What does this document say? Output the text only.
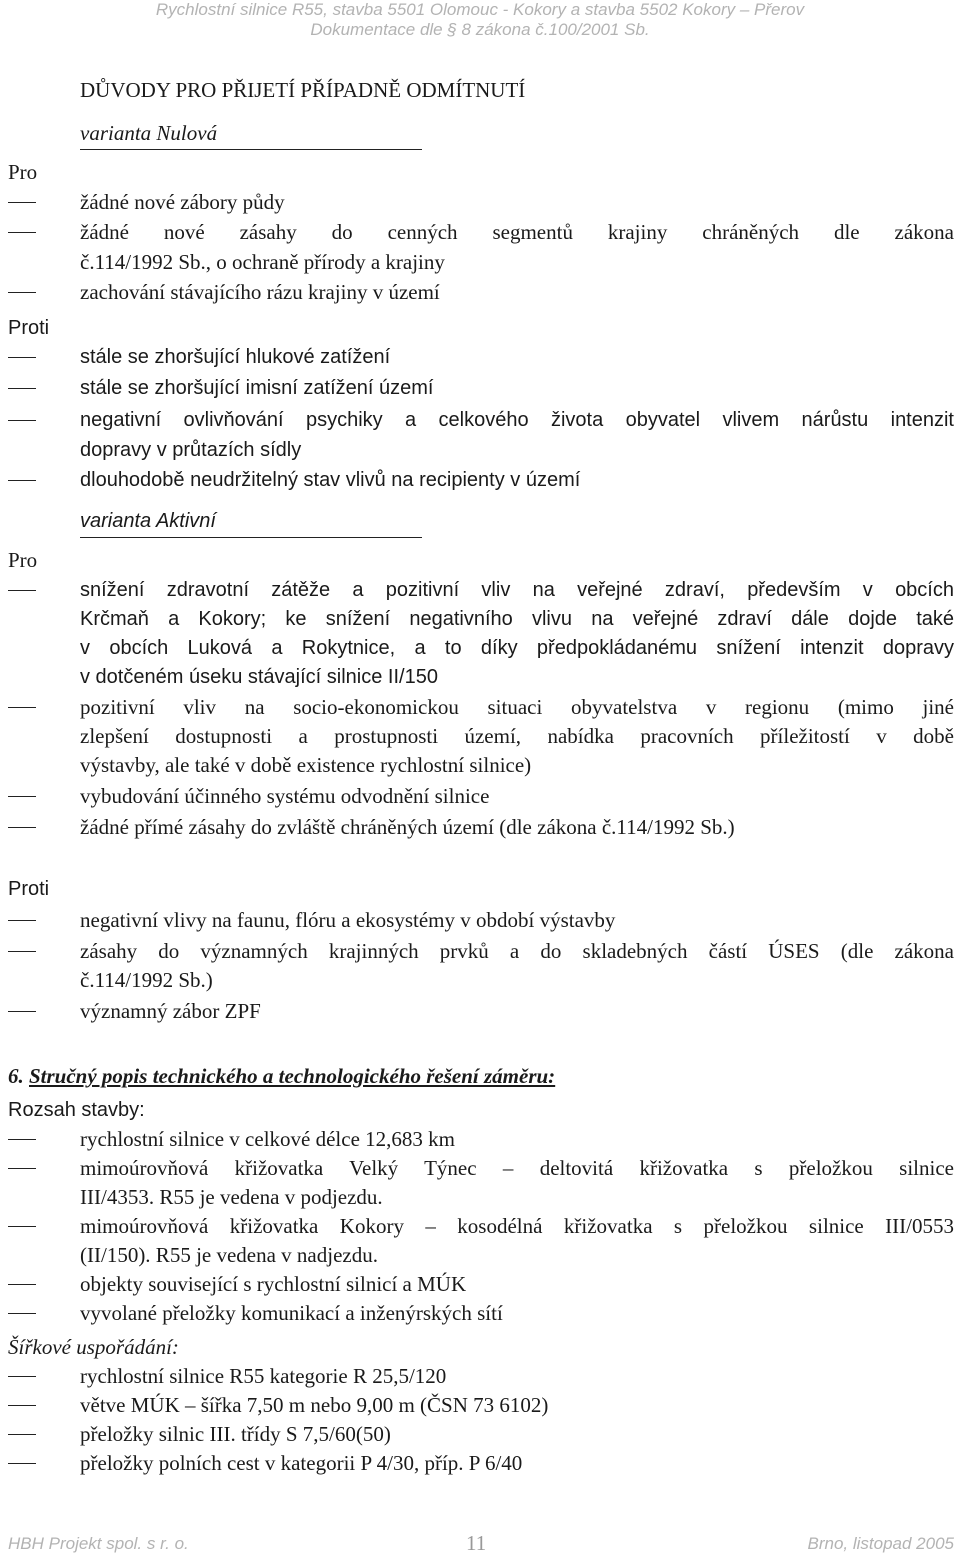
Rychlostní silnice R55, stavba 5501 Olomouc - Kokory a stavba 5502 Kokory – Přerov
Dokumentace dle § 8 zákona č.100/2001 Sb.
DŮVODY PRO PŘIJETÍ PŘÍPADNĚ ODMÍTNUTÍ
varianta Nulová
Pro
žádné nové zábory půdy
žádné nové zásahy do cenných segmentů krajiny chráněných dle zákona
č.114/1992 Sb., o ochraně přírody a krajiny
zachování stávajícího rázu krajiny v území
Proti
stále se zhoršující hlukové zatížení
stále se zhoršující imisní zatížení území
negativní ovlivňování psychiky a celkového života obyvatel vlivem nárůstu intenzit
dopravy v průtazích sídly
dlouhodobě neudržitelný stav vlivů na recipienty v území
varianta Aktivní
Pro
snížení zdravotní zátěže a pozitivní vliv na veřejné zdraví, především v obcích
Krčmaň a Kokory; ke snížení negativního vlivu na veřejné zdraví dále dojde také
v obcích Luková a Rokytnice, a to díky předpokládanému snížení intenzit dopravy
v dotčeném úseku stávající silnice II/150
pozitivní vliv na socio-ekonomickou situaci obyvatelstva v regionu (mimo jiné
zlepšení dostupnosti a prostupnosti území, nabídka pracovních příležitostí v době
výstavby, ale také v době existence rychlostní silnice)
vybudování účinného systému odvodnění silnice
žádné přímé zásahy do zvláště chráněných území (dle zákona č.114/1992 Sb.)
Proti
negativní vlivy na faunu, flóru a ekosystémy v období výstavby
zásahy do významných krajinných prvků a do skladebných částí ÚSES (dle zákona
č.114/1992 Sb.)
významný zábor ZPF
6. Stručný popis technického a technologického řešení záměru:
Rozsah stavby:
rychlostní silnice v celkové délce 12,683 km
mimoúrovňová křižovatka Velký Týnec – deltovitá křižovatka s přeložkou silnice
III/4353. R55 je vedena v podjezdu.
mimoúrovňová křižovatka Kokory – kosodélná křižovatka s přeložkou silnice III/0553
(II/150). R55 je vedena v nadjezdu.
objekty související s rychlostní silnicí a MÚK
vyvolané přeložky komunikací a inženýrských sítí
Šířkové uspořádání:
rychlostní silnice R55 kategorie R 25,5/120
větve MÚK – šířka 7,50 m nebo 9,00 m (ČSN 73 6102)
přeložky silnic III. třídy S 7,5/60(50)
přeložky polních cest v kategorii P 4/30, příp. P 6/40
HBH Projekt spol. s r. o.	11	Brno, listopad 2005
